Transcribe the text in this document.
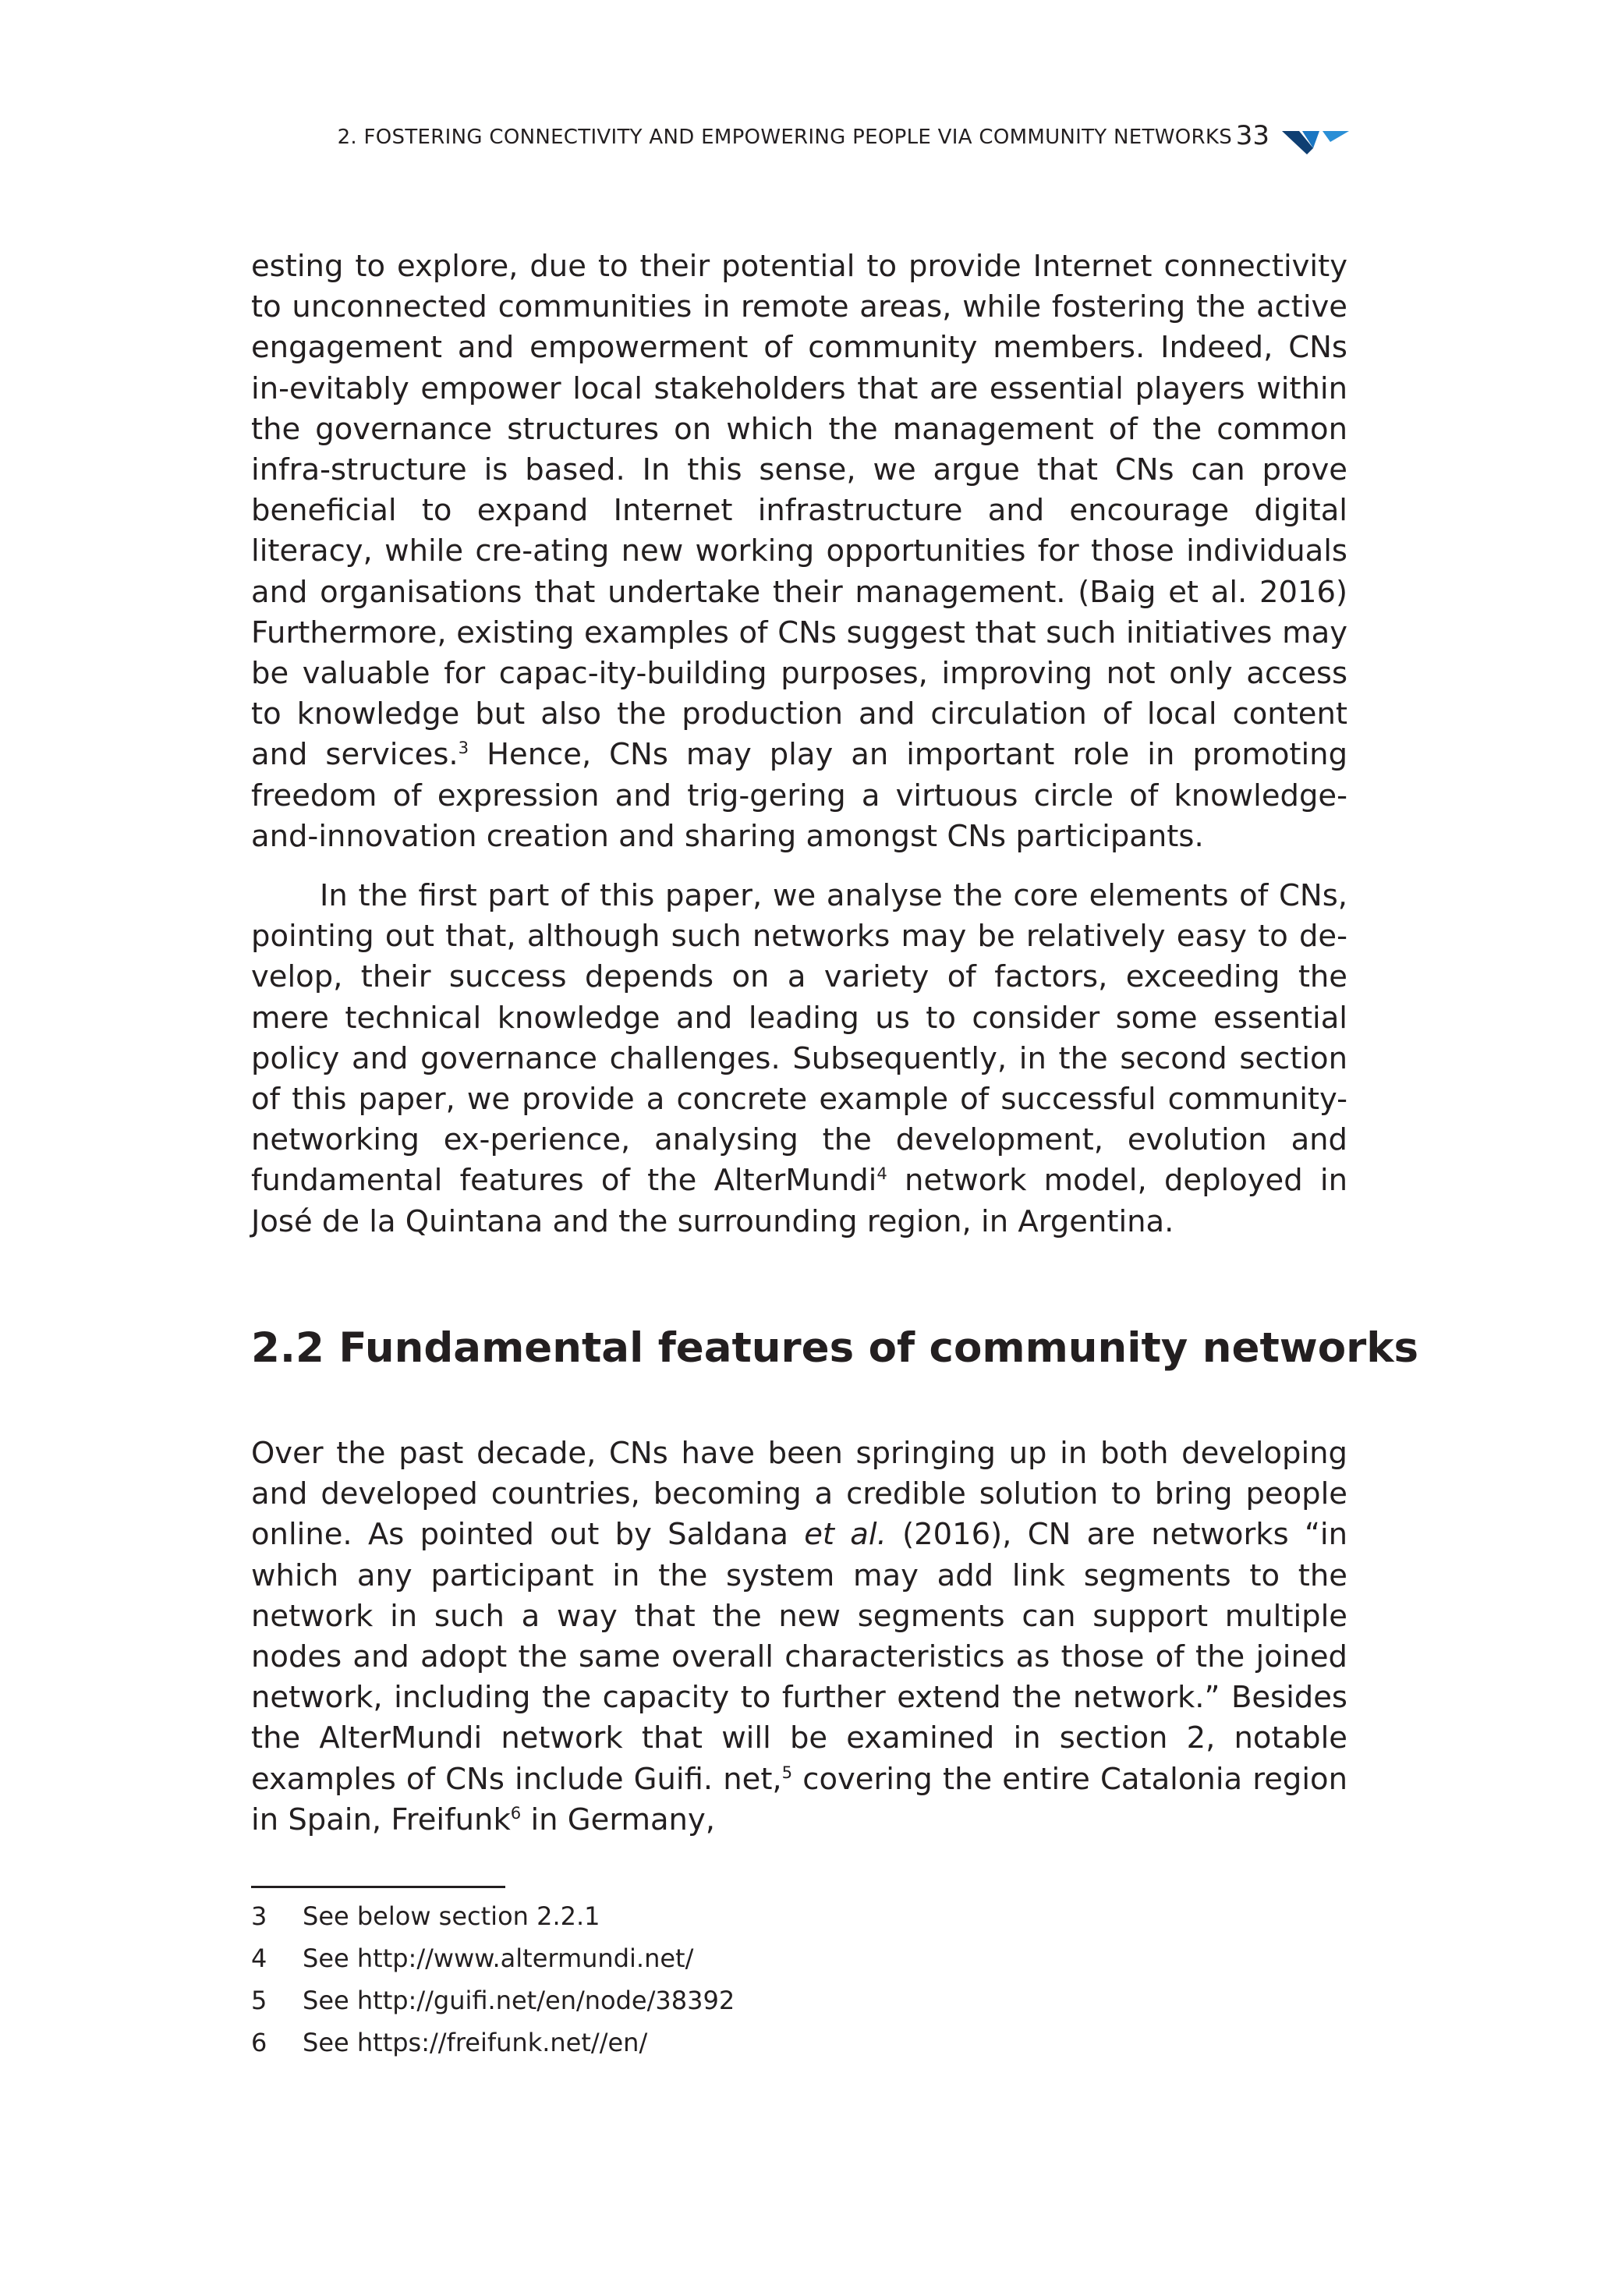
2. FOSTERING CONNECTIVITY AND EMPOWERING PEOPLE VIA COMMUNITY NETWORKS 33

esting to explore, due to their potential to provide Internet connectivity to unconnected communities in remote areas, while fostering the active engagement and empowerment of community members. Indeed, CNs in-evitably empower local stakeholders that are essential players within the governance structures on which the management of the common infra-structure is based. In this sense, we argue that CNs can prove beneficial to expand Internet infrastructure and encourage digital literacy, while cre-ating new working opportunities for those individuals and organisations that undertake their management. (Baig et al. 2016) Furthermore, existing examples of CNs suggest that such initiatives may be valuable for capac-ity-building purposes, improving not only access to knowledge but also the production and circulation of local content and services.$^3$ Hence, CNs may play an important role in promoting freedom of expression and trig-gering a virtuous circle of knowledge-and-innovation creation and sharing amongst CNs participants.

In the first part of this paper, we analyse the core elements of CNs, pointing out that, although such networks may be relatively easy to de-velop, their success depends on a variety of factors, exceeding the mere technical knowledge and leading us to consider some essential policy and governance challenges. Subsequently, in the second section of this paper, we provide a concrete example of successful community-networking ex-perience, analysing the development, evolution and fundamental features of the AlterMundi$^4$ network model, deployed in José de la Quintana and the surrounding region, in Argentina.

2.2 Fundamental features of community networks

Over the past decade, CNs have been springing up in both developing and developed countries, becoming a credible solution to bring people online. As pointed out by Saldana et al. (2016), CN are networks “in which any participant in the system may add link segments to the network in such a way that the new segments can support multiple nodes and adopt the same overall characteristics as those of the joined network, including the capacity to further extend the network.” Besides the AlterMundi network that will be examined in section 2, notable examples of CNs include Guifi. net,$^5$ covering the entire Catalonia region in Spain, Freifunk$^6$ in Germany,

3	See below section 2.2.1
4	See http://www.altermundi.net/
5	See http://guifi.net/en/node/38392
6	See https://freifunk.net//en/
